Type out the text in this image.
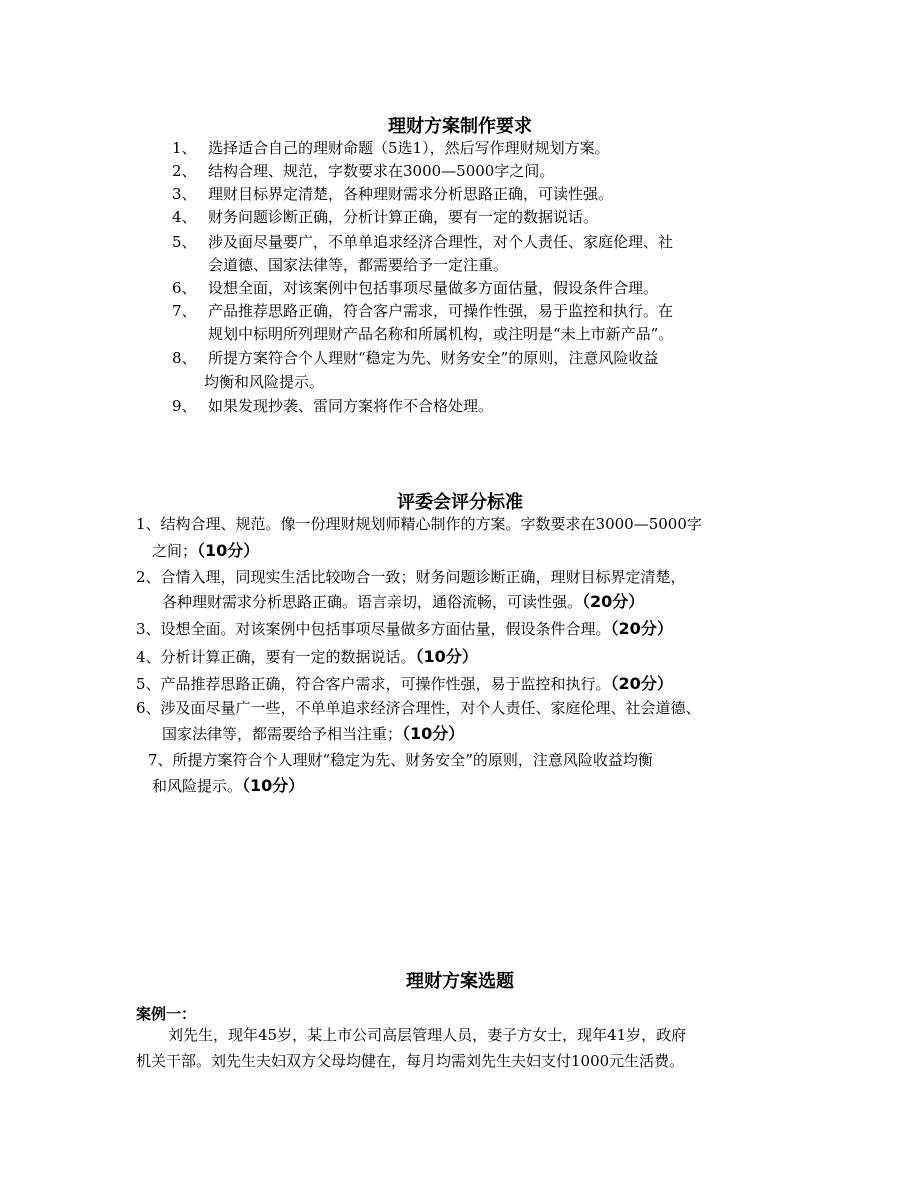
理财方案制作要求
1、 选择适合自己的理财命题（5选1），然后写作理财规划方案。
2、 结构合理、规范，字数要求在3000—5000字之间。
3、 理财目标界定清楚，各种理财需求分析思路正确，可读性强。
4、 财务问题诊断正确，分析计算正确，要有一定的数据说话。
5、 涉及面尽量要广，不单单追求经济合理性，对个人责任、家庭伦理、社
会道德、国家法律等，都需要给予一定注重。
6、 设想全面，对该案例中包括事项尽量做多方面估量，假设条件合理。
7、 产品推荐思路正确，符合客户需求，可操作性强，易于监控和执行。在
规划中标明所列理财产品名称和所属机构，或注明是“未上市新产品”。
8、 所提方案符合个人理财“稳定为先、财务安全”的原则，注意风险收益
均衡和风险提示。
9、 如果发现抄袭、雷同方案将作不合格处理。
评委会评分标准
1、结构合理、规范。像一份理财规划师精心制作的方案。字数要求在3000—5000字
之间；（10分）
2、合情入理，同现实生活比较吻合一致；财务问题诊断正确，理财目标界定清楚，
各种理财需求分析思路正确。语言亲切，通俗流畅，可读性强。（20分）
3、设想全面。对该案例中包括事项尽量做多方面估量，假设条件合理。（20分）
4、分析计算正确，要有一定的数据说话。（10分）
5、产品推荐思路正确，符合客户需求，可操作性强，易于监控和执行。（20分）
6、涉及面尽量广一些，不单单追求经济合理性，对个人责任、家庭伦理、社会道德、
国家法律等，都需要给予相当注重；（10分）
7、所提方案符合个人理财“稳定为先、财务安全”的原则，注意风险收益均衡
和风险提示。（10分）
理财方案选题
案例一：
刘先生，现年45岁，某上市公司高层管理人员，妻子方女士，现年41岁，政府
机关干部。刘先生夫妇双方父母均健在，每月均需刘先生夫妇支付1000元生活费。
